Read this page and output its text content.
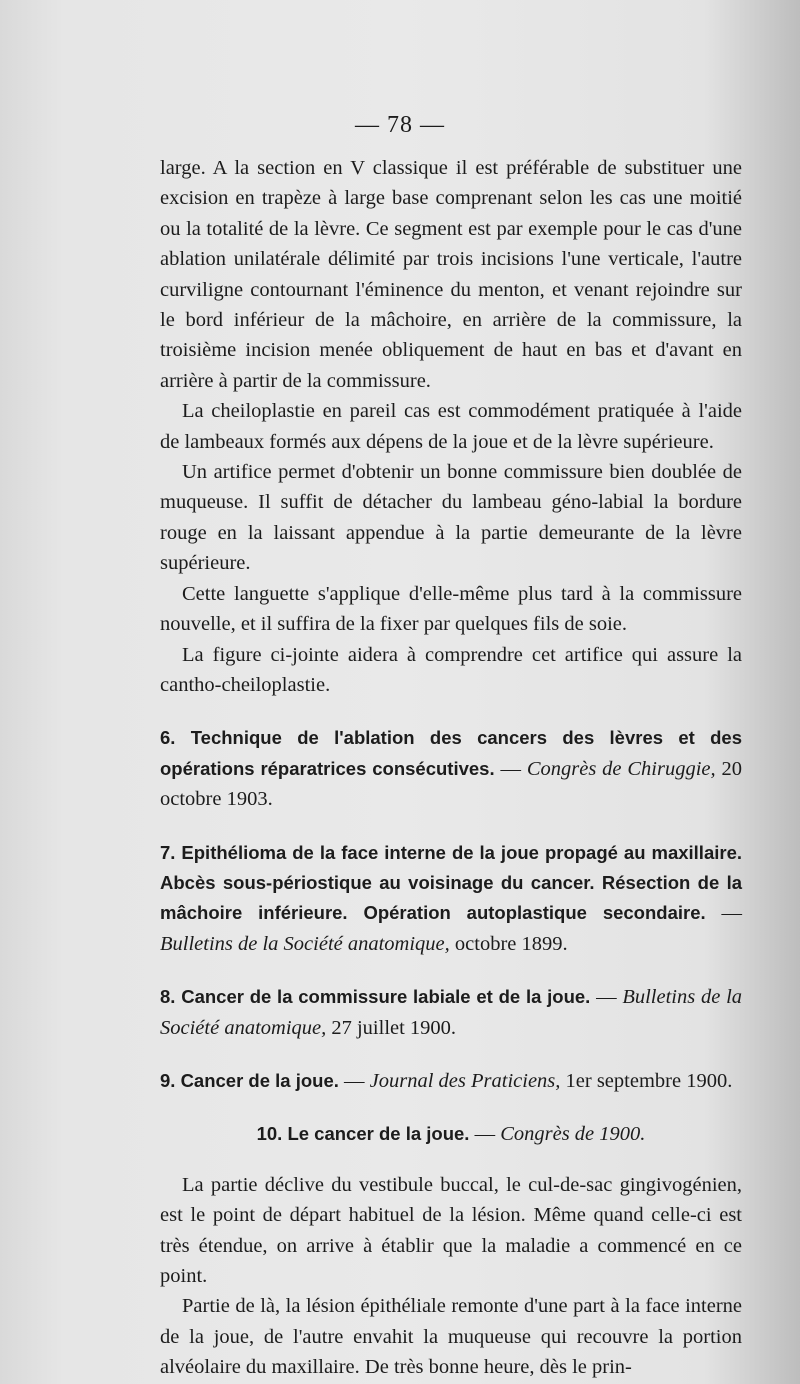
— 78 —

large. A la section en V classique il est préférable de substituer une excision en trapèze à large base comprenant selon les cas une moitié ou la totalité de la lèvre. Ce segment est par exemple pour le cas d'une ablation unilatérale délimité par trois incisions l'une verticale, l'autre curviligne contournant l'éminence du menton, et venant rejoindre sur le bord inférieur de la mâchoire, en arrière de la commissure, la troisième incision menée obliquement de haut en bas et d'avant en arrière à partir de la commissure.

La cheiloplastie en pareil cas est commodément pratiquée à l'aide de lambeaux formés aux dépens de la joue et de la lèvre supérieure.

Un artifice permet d'obtenir un bonne commissure bien doublée de muqueuse. Il suffit de détacher du lambeau géno-labial la bordure rouge en la laissant appendue à la partie demeurante de la lèvre supérieure.

Cette languette s'applique d'elle-même plus tard à la commissure nouvelle, et il suffira de la fixer par quelques fils de soie.

La figure ci-jointe aidera à comprendre cet artifice qui assure la cantho-cheiloplastie.

6. Technique de l'ablation des cancers des lèvres et des opérations réparatrices consécutives. — Congrès de Chiruggie, 20 octobre 1903.

7. Epithélioma de la face interne de la joue propagé au maxillaire. Abcès sous-périostique au voisinage du cancer. Résection de la mâchoire inférieure. Opération autoplastique secondaire. — Bulletins de la Société anatomique, octobre 1899.

8. Cancer de la commissure labiale et de la joue. — Bulletins de la Société anatomique, 27 juillet 1900.

9. Cancer de la joue. — Journal des Praticiens, 1er septembre 1900.

10. Le cancer de la joue. — Congrès de 1900.

La partie déclive du vestibule buccal, le cul-de-sac gingivogénien, est le point de départ habituel de la lésion. Même quand celle-ci est très étendue, on arrive à établir que la maladie a commencé en ce point.

Partie de là, la lésion épithéliale remonte d'une part à la face interne de la joue, de l'autre envahit la muqueuse qui recouvre la portion alvéolaire du maxillaire. De très bonne heure, dès le prin-
